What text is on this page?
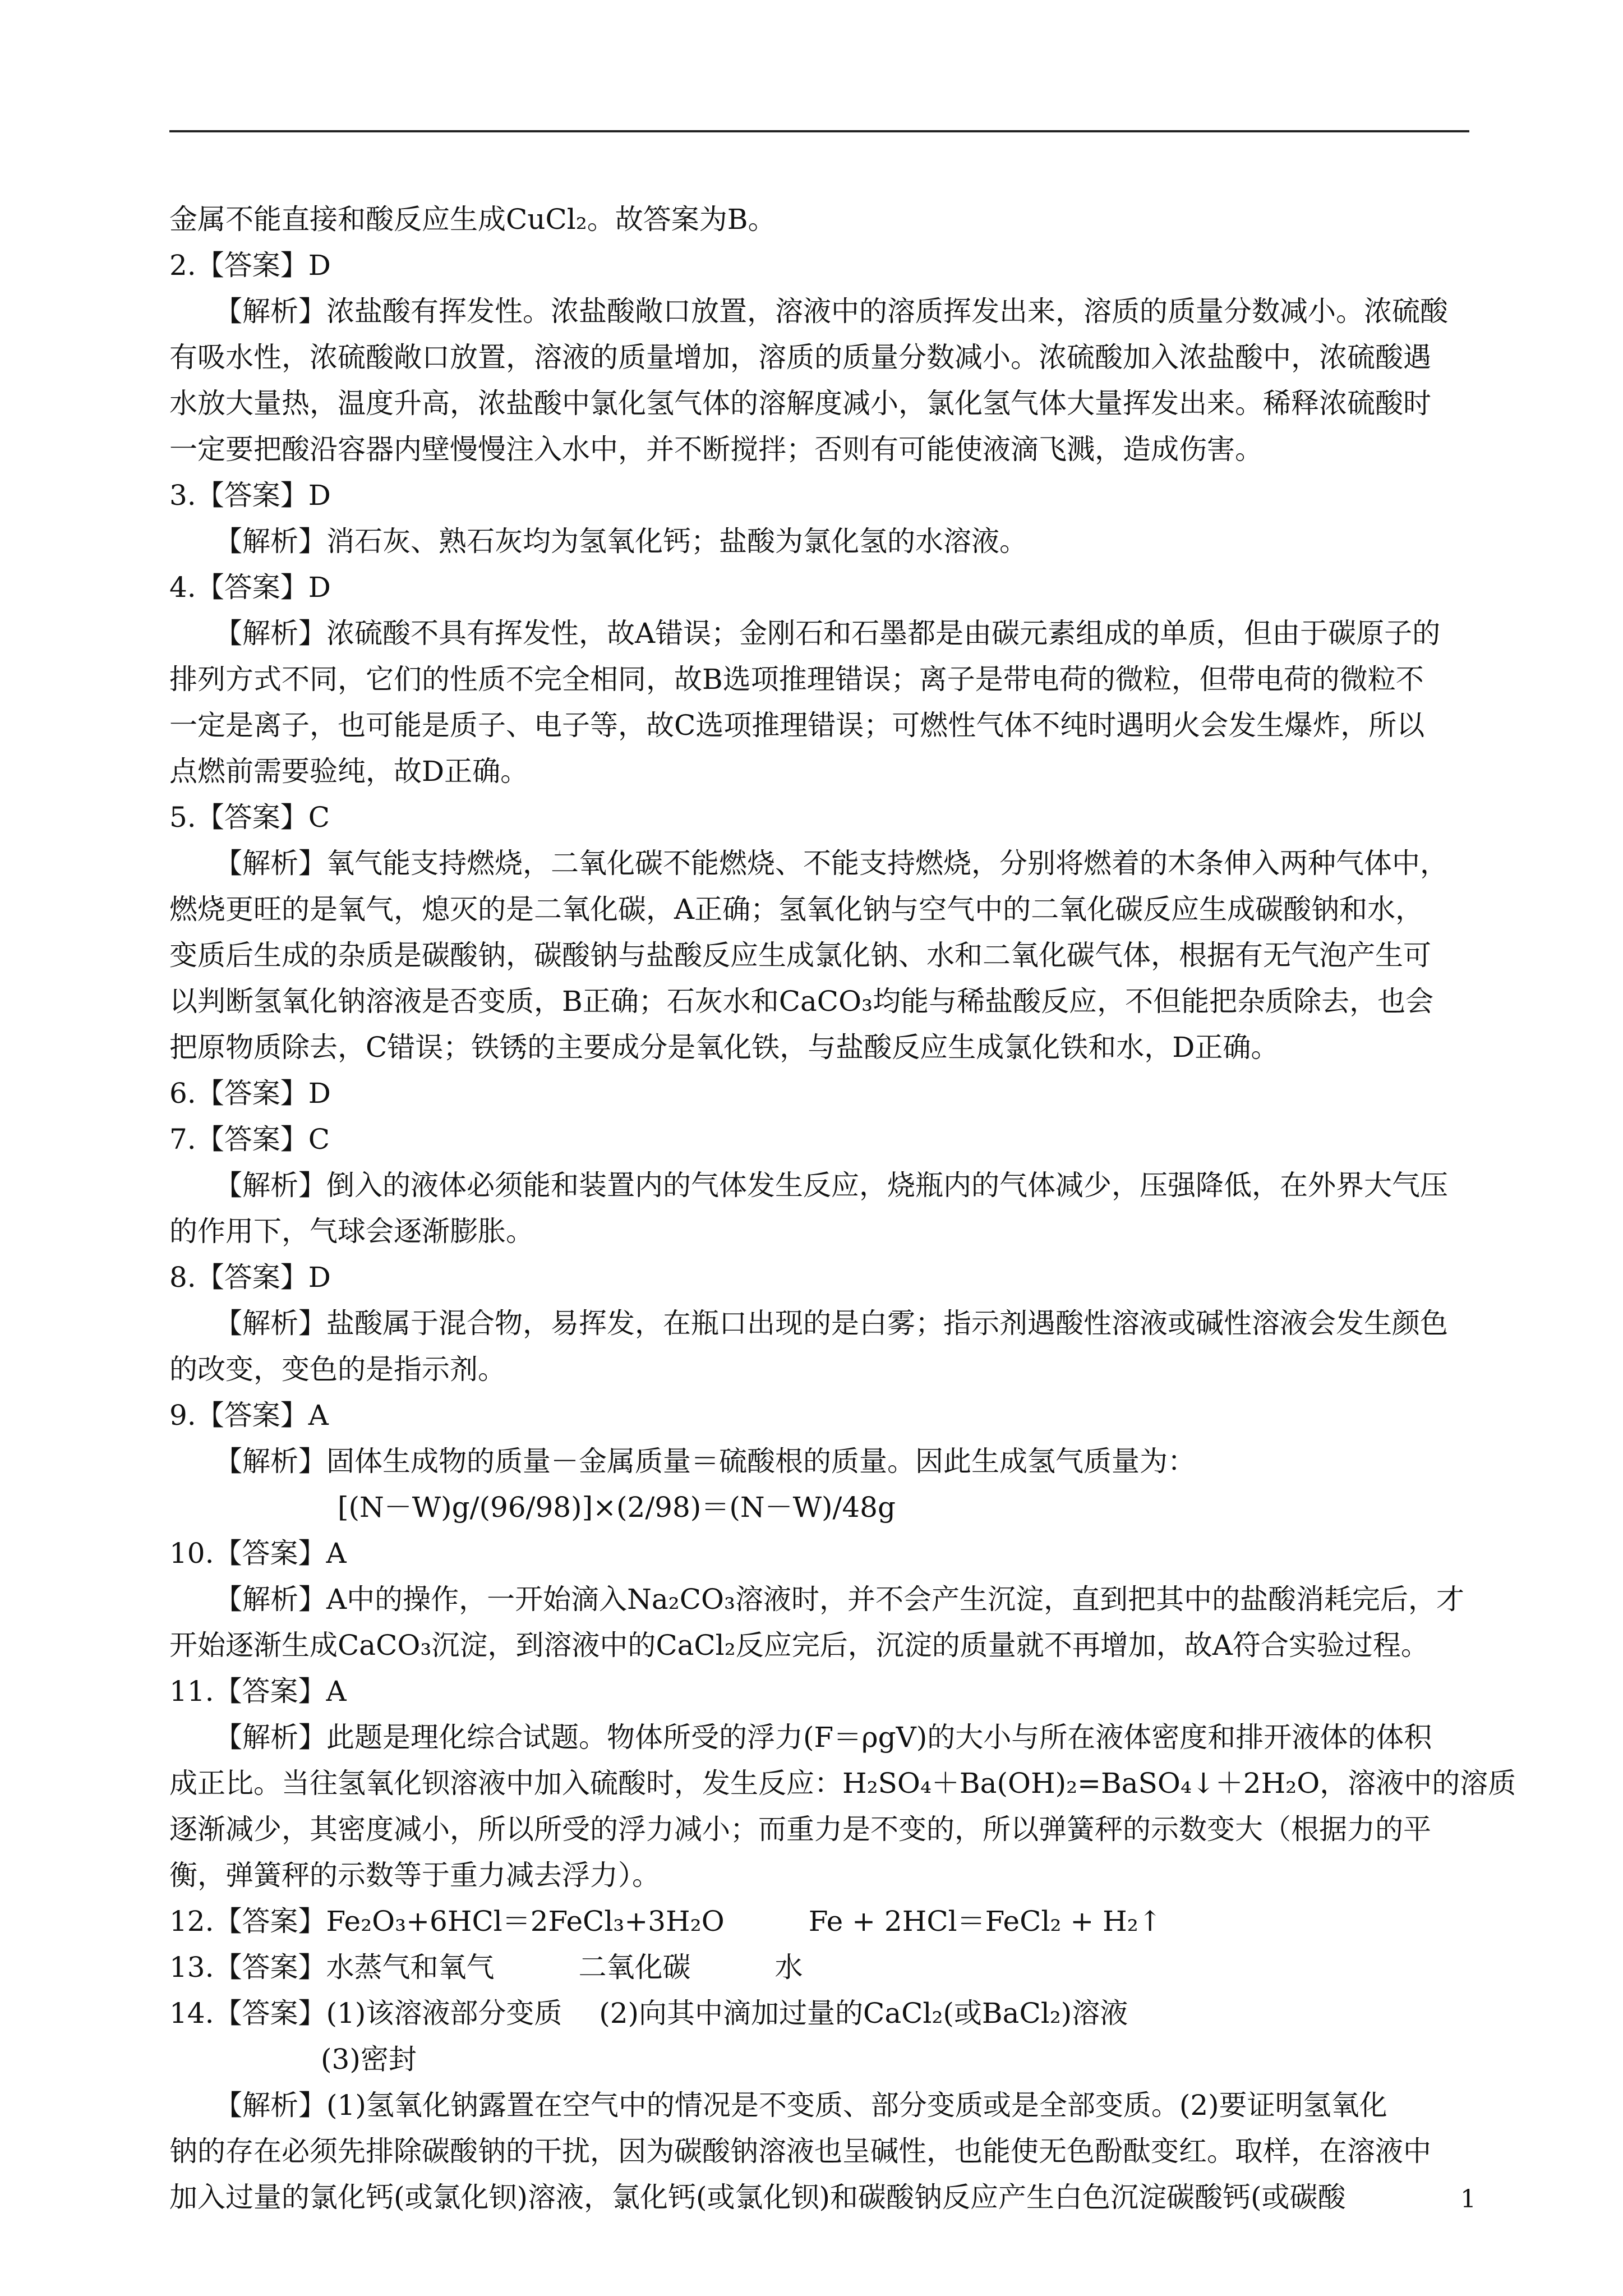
金属不能直接和酸反应生成CuCl₂。故答案为B。
2.【答案】D
【解析】浓盐酸有挥发性。浓盐酸敞口放置，溶液中的溶质挥发出来，溶质的质量分数减小。浓硫酸
有吸水性，浓硫酸敞口放置，溶液的质量增加，溶质的质量分数减小。浓硫酸加入浓盐酸中，浓硫酸遇
水放大量热，温度升高，浓盐酸中氯化氢气体的溶解度减小，氯化氢气体大量挥发出来。稀释浓硫酸时
一定要把酸沿容器内壁慢慢注入水中，并不断搅拌；否则有可能使液滴飞溅，造成伤害。
3.【答案】D
【解析】消石灰、熟石灰均为氢氧化钙；盐酸为氯化氢的水溶液。
4.【答案】D
【解析】浓硫酸不具有挥发性，故A错误；金刚石和石墨都是由碳元素组成的单质，但由于碳原子的
排列方式不同，它们的性质不完全相同，故B选项推理错误；离子是带电荷的微粒，但带电荷的微粒不
一定是离子，也可能是质子、电子等，故C选项推理错误；可燃性气体不纯时遇明火会发生爆炸，所以
点燃前需要验纯，故D正确。
5.【答案】C
【解析】氧气能支持燃烧，二氧化碳不能燃烧、不能支持燃烧，分别将燃着的木条伸入两种气体中，
燃烧更旺的是氧气，熄灭的是二氧化碳，A正确；氢氧化钠与空气中的二氧化碳反应生成碳酸钠和水，
变质后生成的杂质是碳酸钠，碳酸钠与盐酸反应生成氯化钠、水和二氧化碳气体，根据有无气泡产生可
以判断氢氧化钠溶液是否变质，B正确；石灰水和CaCO₃均能与稀盐酸反应，不但能把杂质除去，也会
把原物质除去，C错误；铁锈的主要成分是氧化铁，与盐酸反应生成氯化铁和水，D正确。
6.【答案】D
7.【答案】C
【解析】倒入的液体必须能和装置内的气体发生反应，烧瓶内的气体减少，压强降低，在外界大气压
的作用下，气球会逐渐膨胀。
8.【答案】D
【解析】盐酸属于混合物，易挥发，在瓶口出现的是白雾；指示剂遇酸性溶液或碱性溶液会发生颜色
的改变，变色的是指示剂。
9.【答案】A
【解析】固体生成物的质量－金属质量＝硫酸根的质量。因此生成氢气质量为：
[(N－W)g/(96/98)]×(2/98)＝(N－W)/48g
10.【答案】A
【解析】A中的操作，一开始滴入Na₂CO₃溶液时，并不会产生沉淀，直到把其中的盐酸消耗完后，才
开始逐渐生成CaCO₃沉淀，到溶液中的CaCl₂反应完后，沉淀的质量就不再增加，故A符合实验过程。
11.【答案】A
【解析】此题是理化综合试题。物体所受的浮力(F＝ρgV)的大小与所在液体密度和排开液体的体积
成正比。当往氢氧化钡溶液中加入硫酸时，发生反应：H₂SO₄＋Ba(OH)₂=BaSO₄↓＋2H₂O，溶液中的溶质
逐渐减少，其密度减小，所以所受的浮力减小；而重力是不变的，所以弹簧秤的示数变大（根据力的平
衡，弹簧秤的示数等于重力减去浮力）。
12.【答案】Fe₂O₃+6HCl＝2FeCl₃+3H₂O　　　Fe + 2HCl＝FeCl₂ + H₂↑
13.【答案】水蒸气和氧气　　　二氧化碳　　　水
14.【答案】(1)该溶液部分变质　 (2)向其中滴加过量的CaCl₂(或BaCl₂)溶液
(3)密封
【解析】(1)氢氧化钠露置在空气中的情况是不变质、部分变质或是全部变质。(2)要证明氢氧化
钠的存在必须先排除碳酸钠的干扰，因为碳酸钠溶液也呈碱性，也能使无色酚酞变红。取样，在溶液中
加入过量的氯化钙(或氯化钡)溶液，氯化钙(或氯化钡)和碳酸钠反应产生白色沉淀碳酸钙(或碳酸	1
